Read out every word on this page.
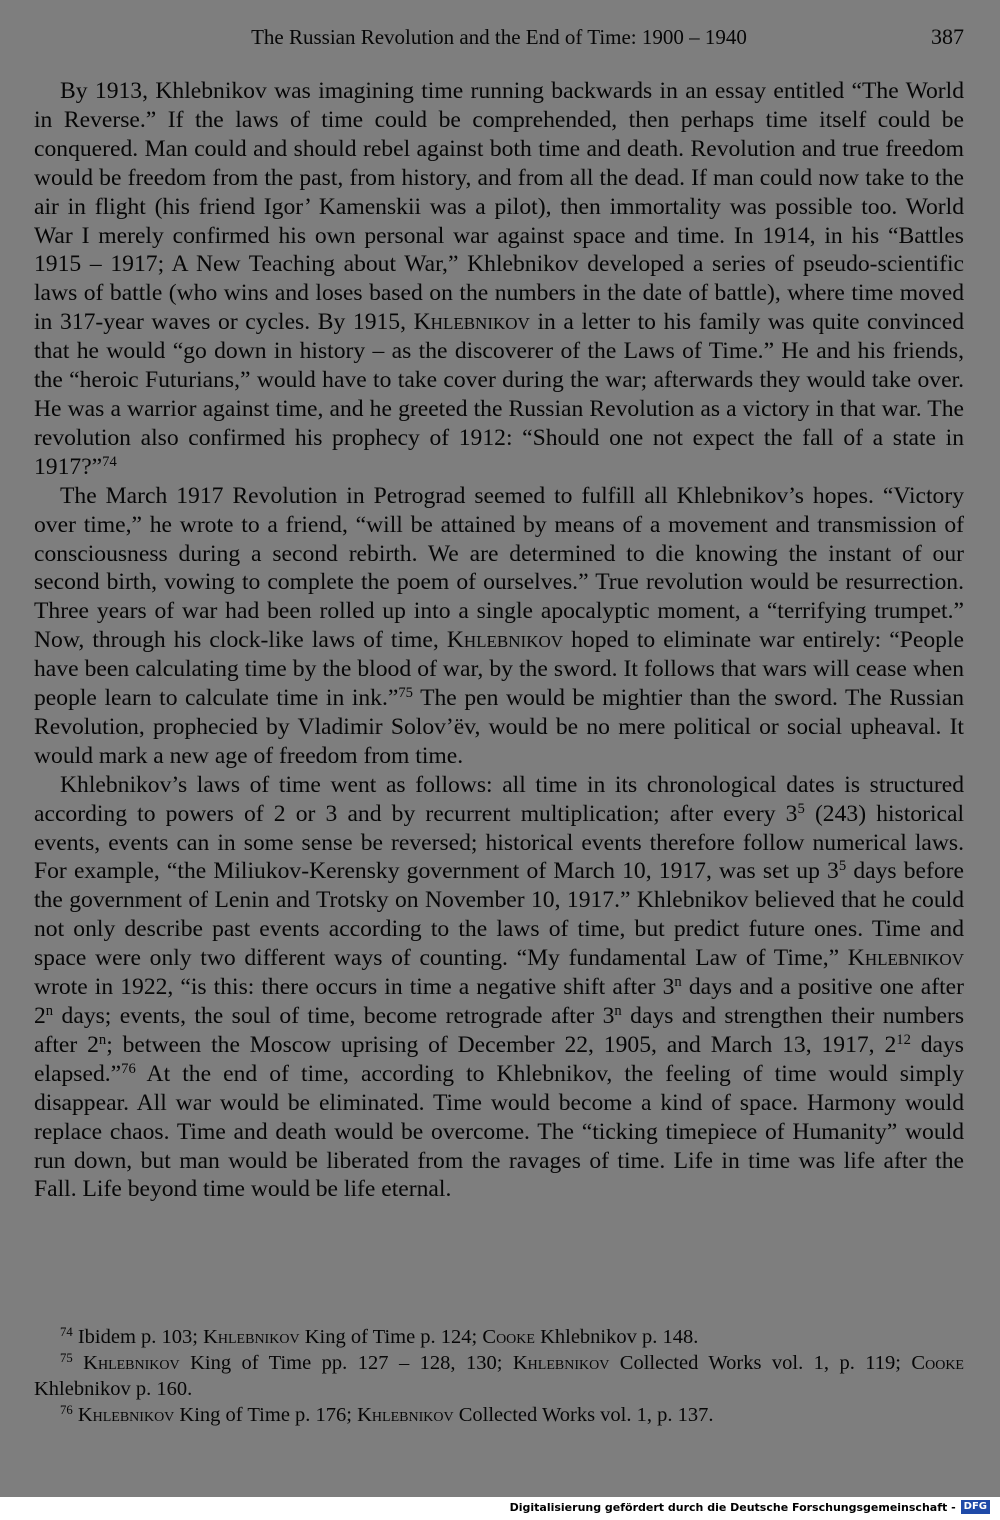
The Russian Revolution and the End of Time: 1900 – 1940	387

By 1913, Khlebnikov was imagining time running backwards in an essay entitled “The World in Reverse.” If the laws of time could be comprehended, then perhaps time itself could be conquered. Man could and should rebel against both time and death. Revolution and true freedom would be freedom from the past, from history, and from all the dead. If man could now take to the air in flight (his friend Igor’ Kamenskii was a pilot), then immortality was possible too. World War I merely confirmed his own personal war against space and time. In 1914, in his “Battles 1915 – 1917; A New Teaching about War,” Khlebnikov developed a series of pseudo-scientific laws of battle (who wins and loses based on the numbers in the date of battle), where time moved in 317-year waves or cycles. By 1915, Khlebnikov in a letter to his family was quite convinced that he would “go down in history – as the discoverer of the Laws of Time.” He and his friends, the “heroic Futurians,” would have to take cover during the war; afterwards they would take over. He was a warrior against time, and he greeted the Russian Revolution as a victory in that war. The revolution also confirmed his prophecy of 1912: “Should one not expect the fall of a state in 1917?”$^{74}$

The March 1917 Revolution in Petrograd seemed to fulfill all Khlebnikov’s hopes. “Victory over time,” he wrote to a friend, “will be attained by means of a movement and transmission of consciousness during a second rebirth. We are determined to die knowing the instant of our second birth, vowing to complete the poem of ourselves.” True revolution would be resurrection. Three years of war had been rolled up into a single apocalyptic moment, a “terrifying trumpet.” Now, through his clock-like laws of time, Khlebnikov hoped to eliminate war entirely: “People have been calculating time by the blood of war, by the sword. It follows that wars will cease when people learn to calculate time in ink.”$^{75}$ The pen would be mightier than the sword. The Russian Revolution, prophecied by Vladimir Solov’ëv, would be no mere political or social upheaval. It would mark a new age of freedom from time.

Khlebnikov’s laws of time went as follows: all time in its chronological dates is structured according to powers of 2 or 3 and by recurrent multiplication; after every $3^5$ (243) historical events, events can in some sense be reversed; historical events therefore follow numerical laws. For example, “the Miliukov-Kerensky government of March 10, 1917, was set up $3^5$ days before the government of Lenin and Trotsky on November 10, 1917.” Khlebnikov believed that he could not only describe past events according to the laws of time, but predict future ones. Time and space were only two different ways of counting. “My fundamental Law of Time,” Khlebnikov wrote in 1922, “is this: there occurs in time a negative shift after 3$^n$ days and a positive one after 2$^n$ days; events, the soul of time, become retrograde after 3$^n$ days and strengthen their numbers after 2$^n$; between the Moscow uprising of December 22, 1905, and March 13, 1917, $2^{12}$ days elapsed.”$^{76}$ At the end of time, according to Khlebnikov, the feeling of time would simply disappear. All war would be eliminated. Time would become a kind of space. Harmony would replace chaos. Time and death would be overcome. The “ticking timepiece of Humanity” would run down, but man would be liberated from the ravages of time. Life in time was life after the Fall. Life beyond time would be life eternal.

$^{74}$ Ibidem p. 103; Khlebnikov King of Time p. 124; Cooke Khlebnikov p. 148.

$^{75}$ Khlebnikov King of Time pp. 127 – 128, 130; Khlebnikov Collected Works vol. 1, p. 119; Cooke Khlebnikov p. 160.

$^{76}$ Khlebnikov King of Time p. 176; Khlebnikov Collected Works vol. 1, p. 137.

Digitalisierung gefördert durch die Deutsche Forschungsgemeinschaft - DFG
